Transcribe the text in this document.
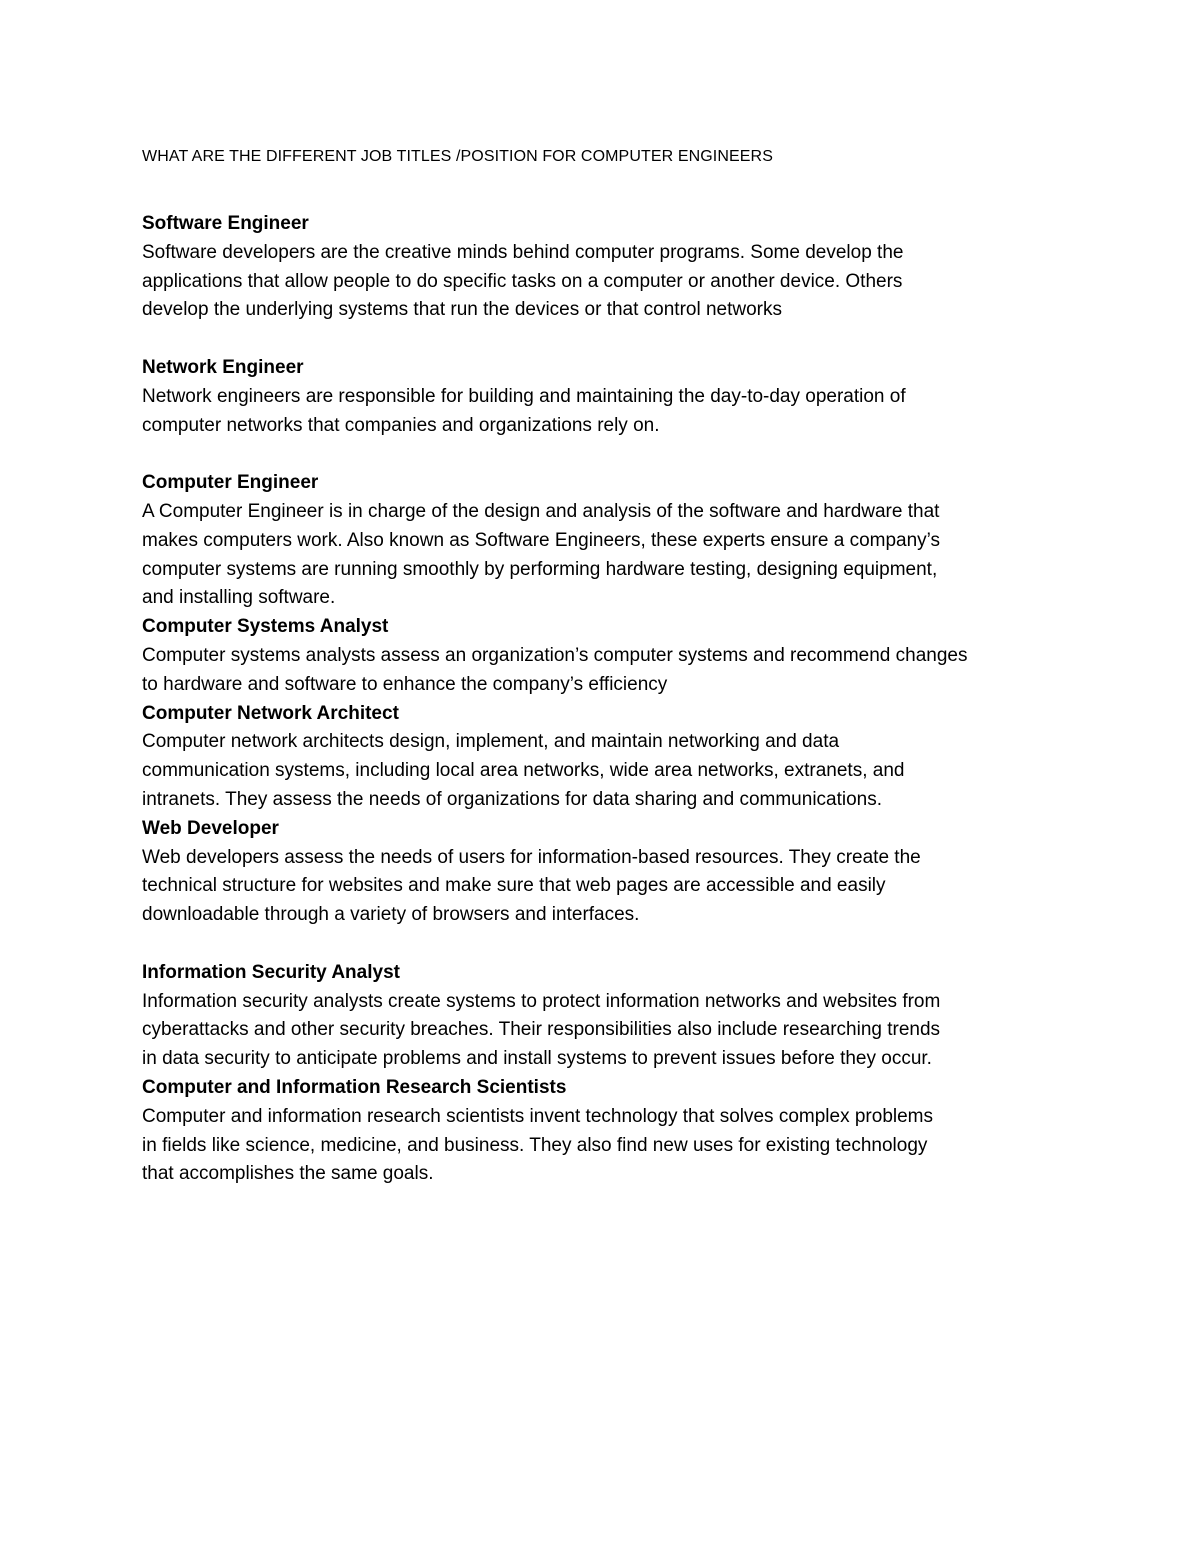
WHAT ARE THE DIFFERENT JOB TITLES /POSITION FOR COMPUTER ENGINEERS

Software Engineer

Software developers are the creative minds behind computer programs. Some develop the

applications that allow people to do specific tasks on a computer or another device. Others

develop the underlying systems that run the devices or that control networks

Network Engineer

Network engineers are responsible for building and maintaining the day-to-day operation of

computer networks that companies and organizations rely on.

Computer Engineer

A Computer Engineer is in charge of the design and analysis of the software and hardware that

makes computers work. Also known as Software Engineers, these experts ensure a company’s

computer systems are running smoothly by performing hardware testing, designing equipment,

and installing software.

Computer Systems Analyst

Computer systems analysts assess an organization’s computer systems and recommend changes

to hardware and software to enhance the company’s efficiency

Computer Network Architect

Computer network architects design, implement, and maintain networking and data

communication systems, including local area networks, wide area networks, extranets, and

intranets. They assess the needs of organizations for data sharing and communications.

Web Developer

Web developers assess the needs of users for information-based resources. They create the

technical structure for websites and make sure that web pages are accessible and easily

downloadable through a variety of browsers and interfaces.

Information Security Analyst

Information security analysts create systems to protect information networks and websites from

cyberattacks and other security breaches. Their responsibilities also include researching trends

in data security to anticipate problems and install systems to prevent issues before they occur.

Computer and Information Research Scientists

Computer and information research scientists invent technology that solves complex problems

in fields like science, medicine, and business. They also find new uses for existing technology

that accomplishes the same goals.
